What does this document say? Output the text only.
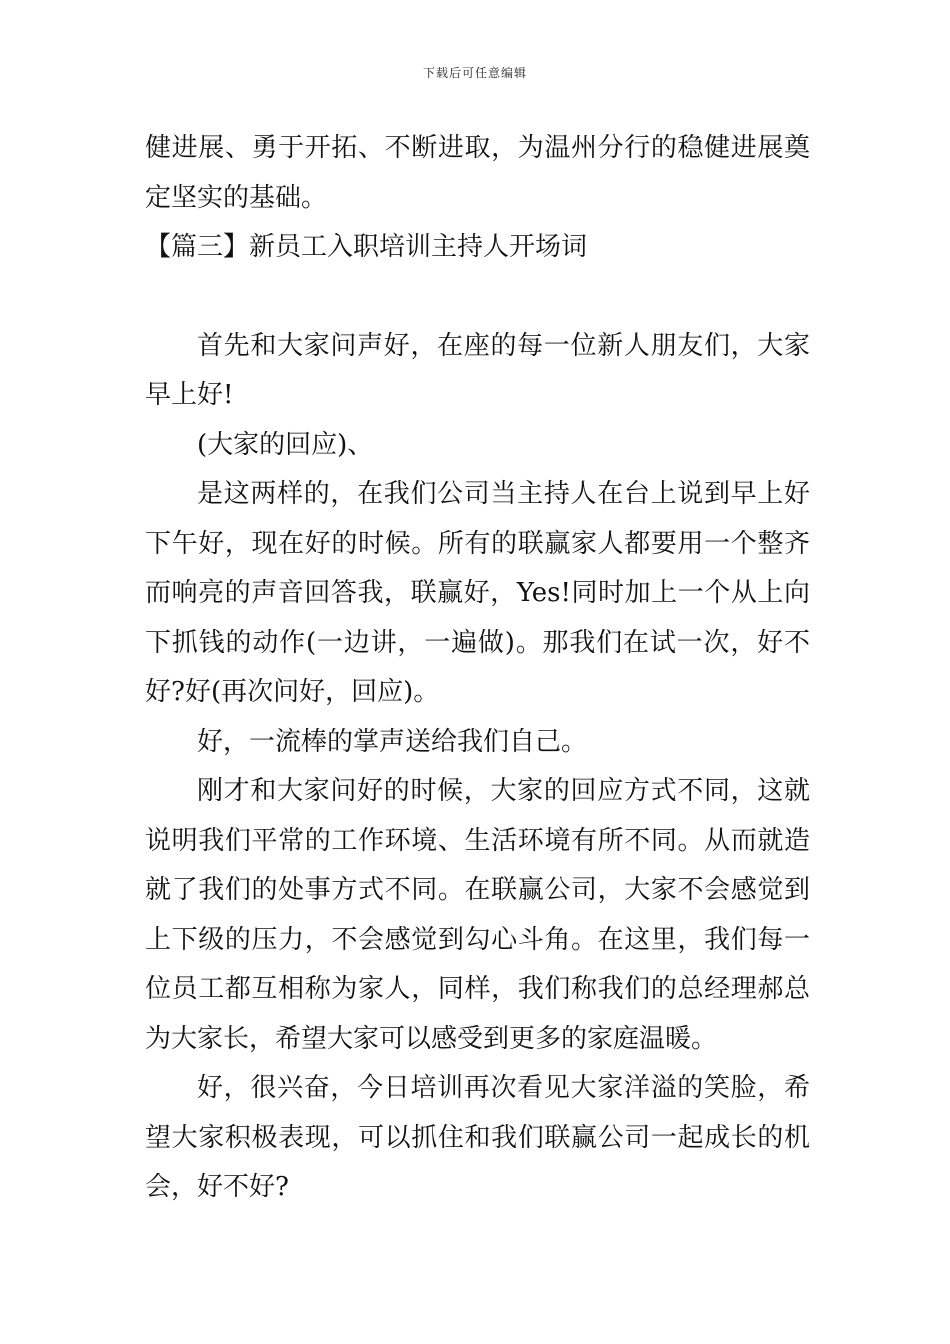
下载后可任意编辑

健进展、勇于开拓、不断进取，为温州分行的稳健进展奠定坚实的基础。

【篇三】新员工入职培训主持人开场词

首先和大家问声好，在座的每一位新人朋友们，大家早上好!

(大家的回应)、

是这两样的，在我们公司当主持人在台上说到早上好下午好，现在好的时候。所有的联赢家人都要用一个整齐而响亮的声音回答我，联赢好，Yes!同时加上一个从上向下抓钱的动作(一边讲，一遍做)。那我们在试一次，好不好?好(再次问好，回应)。

好，一流棒的掌声送给我们自己。

刚才和大家问好的时候，大家的回应方式不同，这就说明我们平常的工作环境、生活环境有所不同。从而就造就了我们的处事方式不同。在联赢公司，大家不会感觉到上下级的压力，不会感觉到勾心斗角。在这里，我们每一位员工都互相称为家人，同样，我们称我们的总经理郝总为大家长，希望大家可以感受到更多的家庭温暖。

好，很兴奋，今日培训再次看见大家洋溢的笑脸，希望大家积极表现，可以抓住和我们联赢公司一起成长的机会，好不好?
